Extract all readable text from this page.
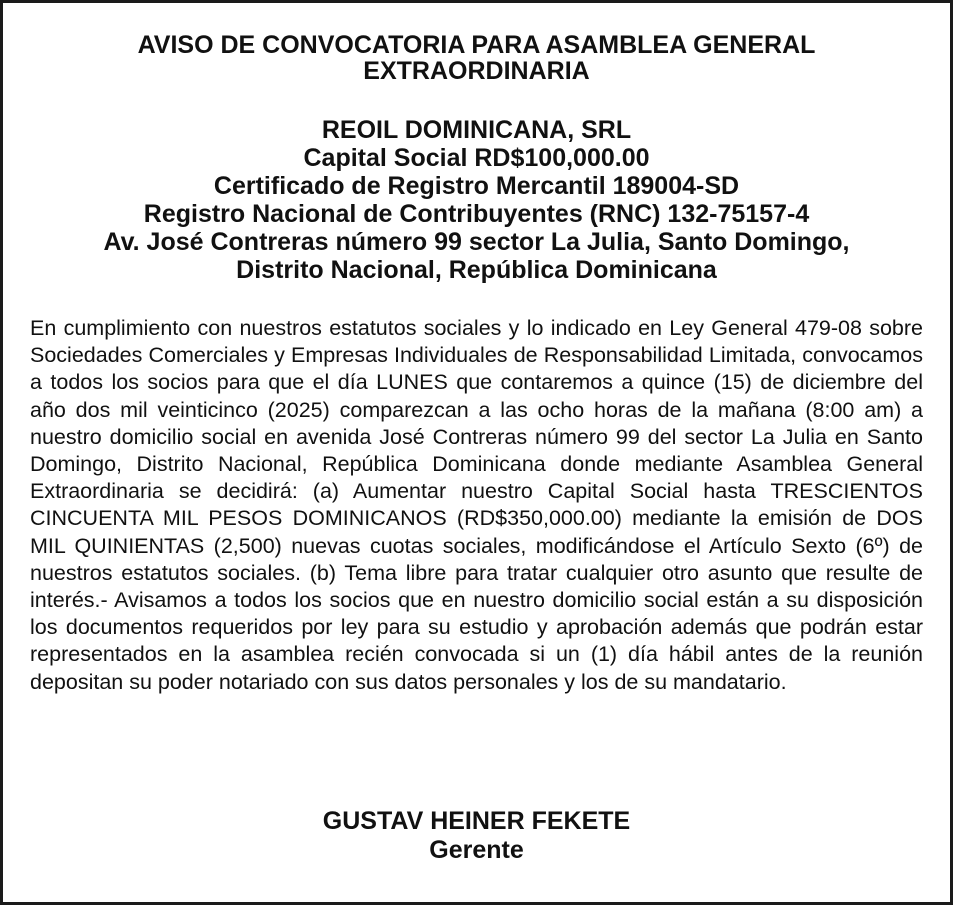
AVISO DE CONVOCATORIA PARA ASAMBLEA GENERAL
EXTRAORDINARIA
REOIL DOMINICANA, SRL
Capital Social RD$100,000.00
Certificado de Registro Mercantil 189004-SD
Registro Nacional de Contribuyentes (RNC) 132-75157-4
Av. José Contreras número 99 sector La Julia, Santo Domingo,
Distrito Nacional, República Dominicana

En cumplimiento con nuestros estatutos sociales y lo indicado en Ley General 479-08 sobre Sociedades Comerciales y Empresas Individuales de Responsabilidad Limitada, convocamos a todos los socios para que el día LUNES que contaremos a quince (15) de diciembre del año dos mil veinticinco (2025) comparezcan a las ocho horas de la mañana (8:00 am) a nuestro domicilio social en avenida José Contreras número 99 del sector La Julia en Santo Domingo, Distrito Nacional, República Dominicana donde mediante Asamblea General Extraordinaria se decidirá: (a) Aumentar nuestro Capital Social hasta TRESCIENTOS CINCUENTA MIL PESOS DOMINICANOS (RD$350,000.00) mediante la emisión de DOS MIL QUINIENTAS (2,500) nuevas cuotas sociales, modificándose el Artículo Sexto (6º) de nuestros estatutos sociales. (b) Tema libre para tratar cualquier otro asunto que resulte de interés.- Avisamos a todos los socios que en nuestro domicilio social están a su disposición los documentos requeridos por ley para su estudio y aprobación además que podrán estar representados en la asamblea recién convocada si un (1) día hábil antes de la reunión depositan su poder notariado con sus datos personales y los de su mandatario.

GUSTAV HEINER FEKETE
Gerente
